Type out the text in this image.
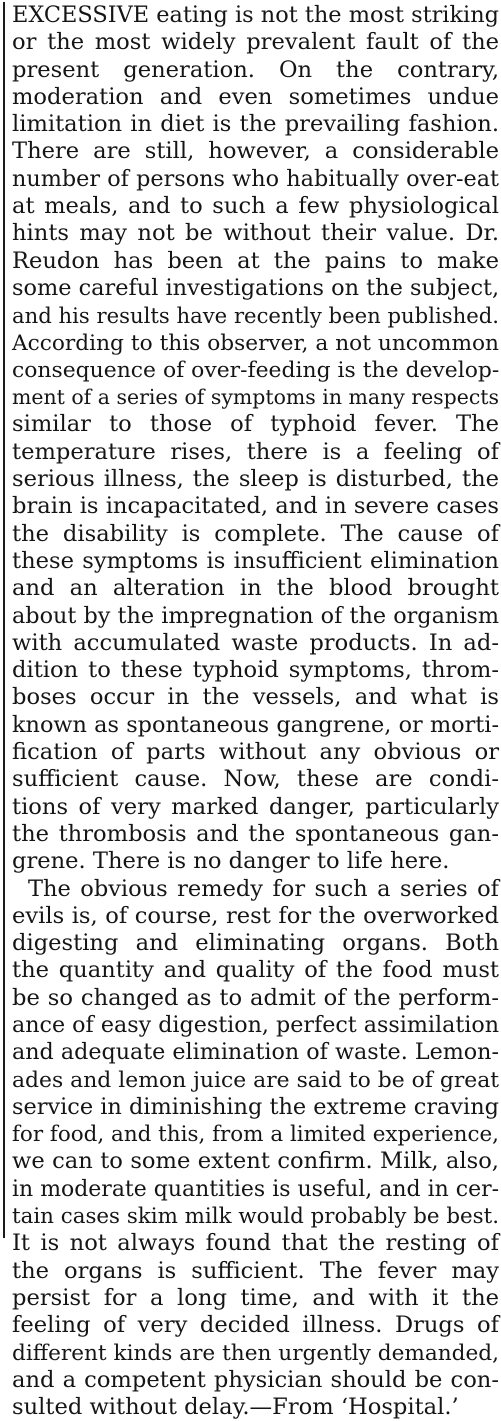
EXCESSIVE eating is not the most striking
or the most widely prevalent fault of the
present generation. On the contrary,
moderation and even sometimes undue
limitation in diet is the prevailing fashion.
There are still, however, a considerable
number of persons who habitually over-eat
at meals, and to such a few physiological
hints may not be without their value. Dr.
Reudon has been at the pains to make
some careful investigations on the subject,
and his results have recently been published.
According to this observer, a not uncommon
consequence of over-feeding is the develop-
ment of a series of symptoms in many respects
similar to those of typhoid fever. The
temperature rises, there is a feeling of
serious illness, the sleep is disturbed, the
brain is incapacitated, and in severe cases
the disability is complete. The cause of
these symptoms is insufficient elimination
and an alteration in the blood brought
about by the impregnation of the organism
with accumulated waste products. In ad-
dition to these typhoid symptoms, throm-
boses occur in the vessels, and what is
known as spontaneous gangrene, or morti-
fication of parts without any obvious or
sufficient cause. Now, these are condi-
tions of very marked danger, particularly
the thrombosis and the spontaneous gan-
grene. There is no danger to life here.
The obvious remedy for such a series of
evils is, of course, rest for the overworked
digesting and eliminating organs. Both
the quantity and quality of the food must
be so changed as to admit of the perform-
ance of easy digestion, perfect assimilation
and adequate elimination of waste. Lemon-
ades and lemon juice are said to be of great
service in diminishing the extreme craving
for food, and this, from a limited experience,
we can to some extent confirm. Milk, also,
in moderate quantities is useful, and in cer-
tain cases skim milk would probably be best.
It is not always found that the resting of
the organs is sufficient. The fever may
persist for a long time, and with it the
feeling of very decided illness. Drugs of
different kinds are then urgently demanded,
and a competent physician should be con-
sulted without delay.—From ‘Hospital.’
